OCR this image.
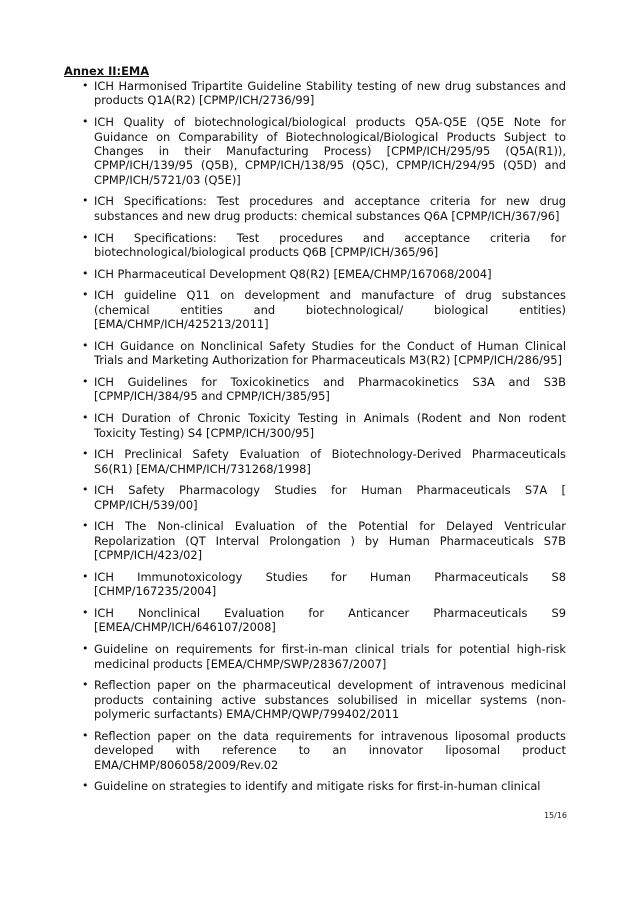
Annex II:EMA
• ICH Harmonised Tripartite Guideline Stability testing of new drug substances and products Q1A(R2) [CPMP/ICH/2736/99]
• ICH Quality of biotechnological/biological products Q5A-Q5E (Q5E Note for Guidance on Comparability of Biotechnological/Biological Products Subject to Changes in their Manufacturing Process) [CPMP/ICH/295/95 (Q5A(R1)), CPMP/ICH/139/95 (Q5B), CPMP/ICH/138/95 (Q5C), CPMP/ICH/294/95 (Q5D) and CPMP/ICH/5721/03 (Q5E)]
• ICH Specifications: Test procedures and acceptance criteria for new drug substances and new drug products: chemical substances Q6A [CPMP/ICH/367/96]
• ICH Specifications: Test procedures and acceptance criteria for biotechnological/biological products Q6B [CPMP/ICH/365/96]
• ICH Pharmaceutical Development Q8(R2) [EMEA/CHMP/167068/2004]
• ICH guideline Q11 on development and manufacture of drug substances (chemical entities and biotechnological/ biological entities) [EMA/CHMP/ICH/425213/2011]
• ICH Guidance on Nonclinical Safety Studies for the Conduct of Human Clinical Trials and Marketing Authorization for Pharmaceuticals M3(R2) [CPMP/ICH/286/95]
• ICH Guidelines for Toxicokinetics and Pharmacokinetics S3A and S3B [CPMP/ICH/384/95 and CPMP/ICH/385/95]
• ICH Duration of Chronic Toxicity Testing in Animals (Rodent and Non rodent Toxicity Testing) S4 [CPMP/ICH/300/95]
• ICH Preclinical Safety Evaluation of Biotechnology-Derived Pharmaceuticals S6(R1) [EMA/CHMP/ICH/731268/1998]
• ICH Safety Pharmacology Studies for Human Pharmaceuticals S7A [ CPMP/ICH/539/00]
• ICH The Non-clinical Evaluation of the Potential for Delayed Ventricular Repolarization (QT Interval Prolongation ) by Human Pharmaceuticals S7B [CPMP/ICH/423/02]
• ICH Immunotoxicology Studies for Human Pharmaceuticals S8 [CHMP/167235/2004]
• ICH Nonclinical Evaluation for Anticancer Pharmaceuticals S9 [EMEA/CHMP/ICH/646107/2008]
• Guideline on requirements for first-in-man clinical trials for potential high-risk medicinal products [EMEA/CHMP/SWP/28367/2007]
• Reflection paper on the pharmaceutical development of intravenous medicinal products containing active substances solubilised in micellar systems (non-polymeric surfactants) EMA/CHMP/QWP/799402/2011
• Reflection paper on the data requirements for intravenous liposomal products developed with reference to an innovator liposomal product EMA/CHMP/806058/2009/Rev.02
• Guideline on strategies to identify and mitigate risks for first-in-human clinical
15/16
